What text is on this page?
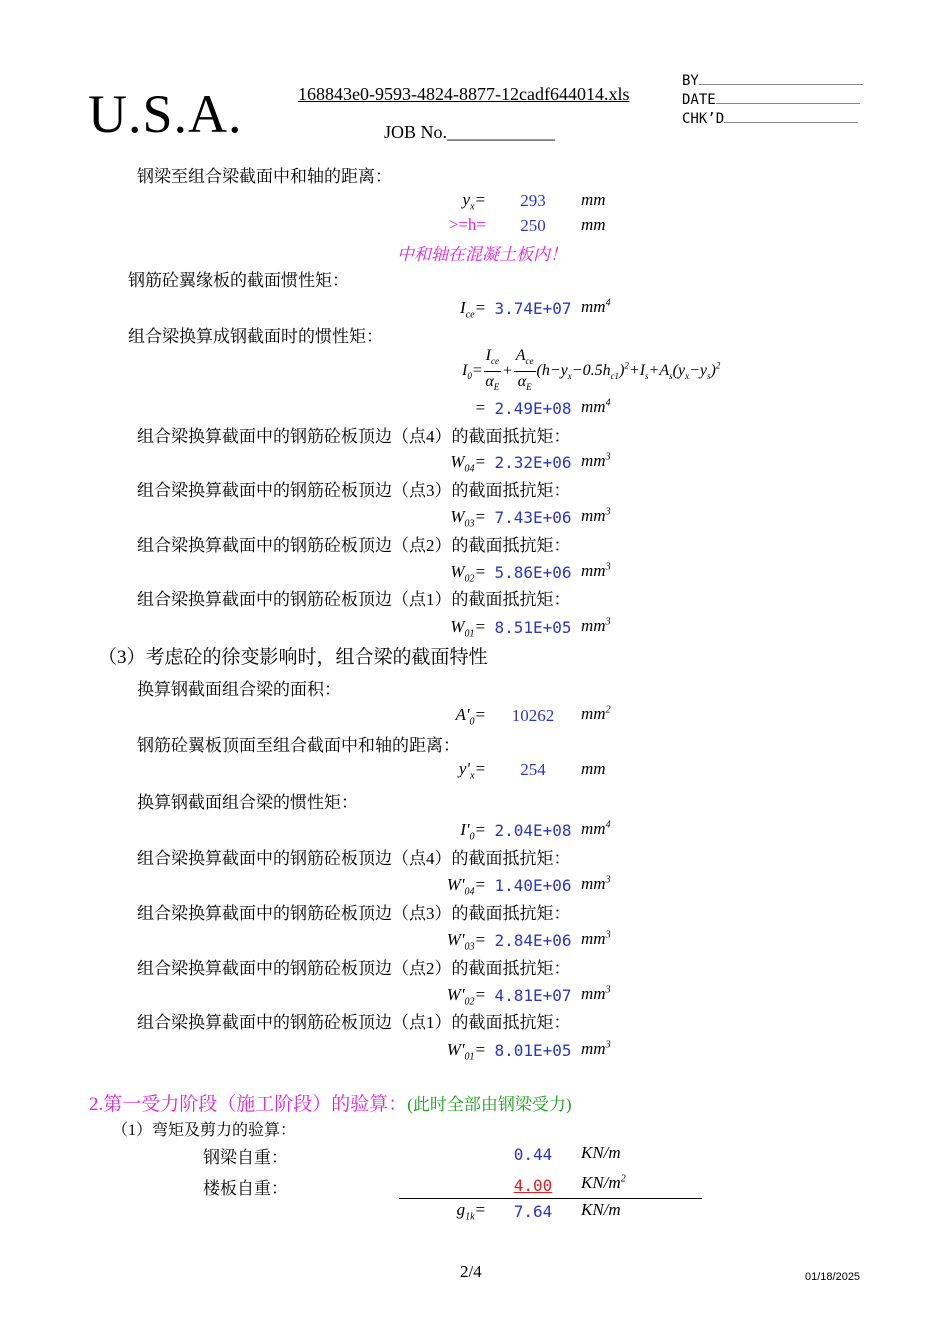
U.S.A.	168843e0-9593-4824-8877-12cadf644014.xls
JOB No.____________
BY
DATE
CHK’D
钢梁至组合梁截面中和轴的距离：
$y_x=$	293	mm
>=h=	250	mm
中和轴在混凝土板内！
钢筋砼翼缘板的截面惯性矩：
$I_{ce}= 3.74E+07$ $mm^4$
组合梁换算成钢截面时的惯性矩：
$I_0= \frac{I_{ce}}{\alpha_E} + \frac{A_{ce}}{\alpha_E} (h-y_x-0.5h_{c1})^2+I_s+A_s(y_x-y_s)^2$
= 2.49E+08 $mm^4$
组合梁换算截面中的钢筋砼板顶边（点4）的截面抵抗矩：
$W_{04}= 2.32E+06$ $mm^3$
组合梁换算截面中的钢筋砼板顶边（点3）的截面抵抗矩：
$W_{03}= 7.43E+06$ $mm^3$
组合梁换算截面中的钢筋砼板顶边（点2）的截面抵抗矩：
$W_{02}= 5.86E+06$ $mm^3$
组合梁换算截面中的钢筋砼板顶边（点1）的截面抵抗矩：
$W_{01}= 8.51E+05$ $mm^3$
（3）考虑砼的徐变影响时，组合梁的截面特性
换算钢截面组合梁的面积：
$A'_0=$	10262	$mm^2$
钢筋砼翼板顶面至组合截面中和轴的距离：
$y'_x=$	254	mm
换算钢截面组合梁的惯性矩：
$I'_0= 2.04E+08$ $mm^4$
组合梁换算截面中的钢筋砼板顶边（点4）的截面抵抗矩：
$W'_{04}= 1.40E+06$ $mm^3$
组合梁换算截面中的钢筋砼板顶边（点3）的截面抵抗矩：
$W'_{03}= 2.84E+06$ $mm^3$
组合梁换算截面中的钢筋砼板顶边（点2）的截面抵抗矩：
$W'_{02}= 4.81E+07$ $mm^3$
组合梁换算截面中的钢筋砼板顶边（点1）的截面抵抗矩：
$W'_{01}= 8.01E+05$ $mm^3$
2.第一受力阶段（施工阶段）的验算：(此时全部由钢梁受力)
（1）弯矩及剪力的验算：
钢梁自重：	0.44	KN/m
楼板自重：	4.00	$KN/m^2$
$g_{1k}=$	7.64	KN/m
2/4	01/18/2025
